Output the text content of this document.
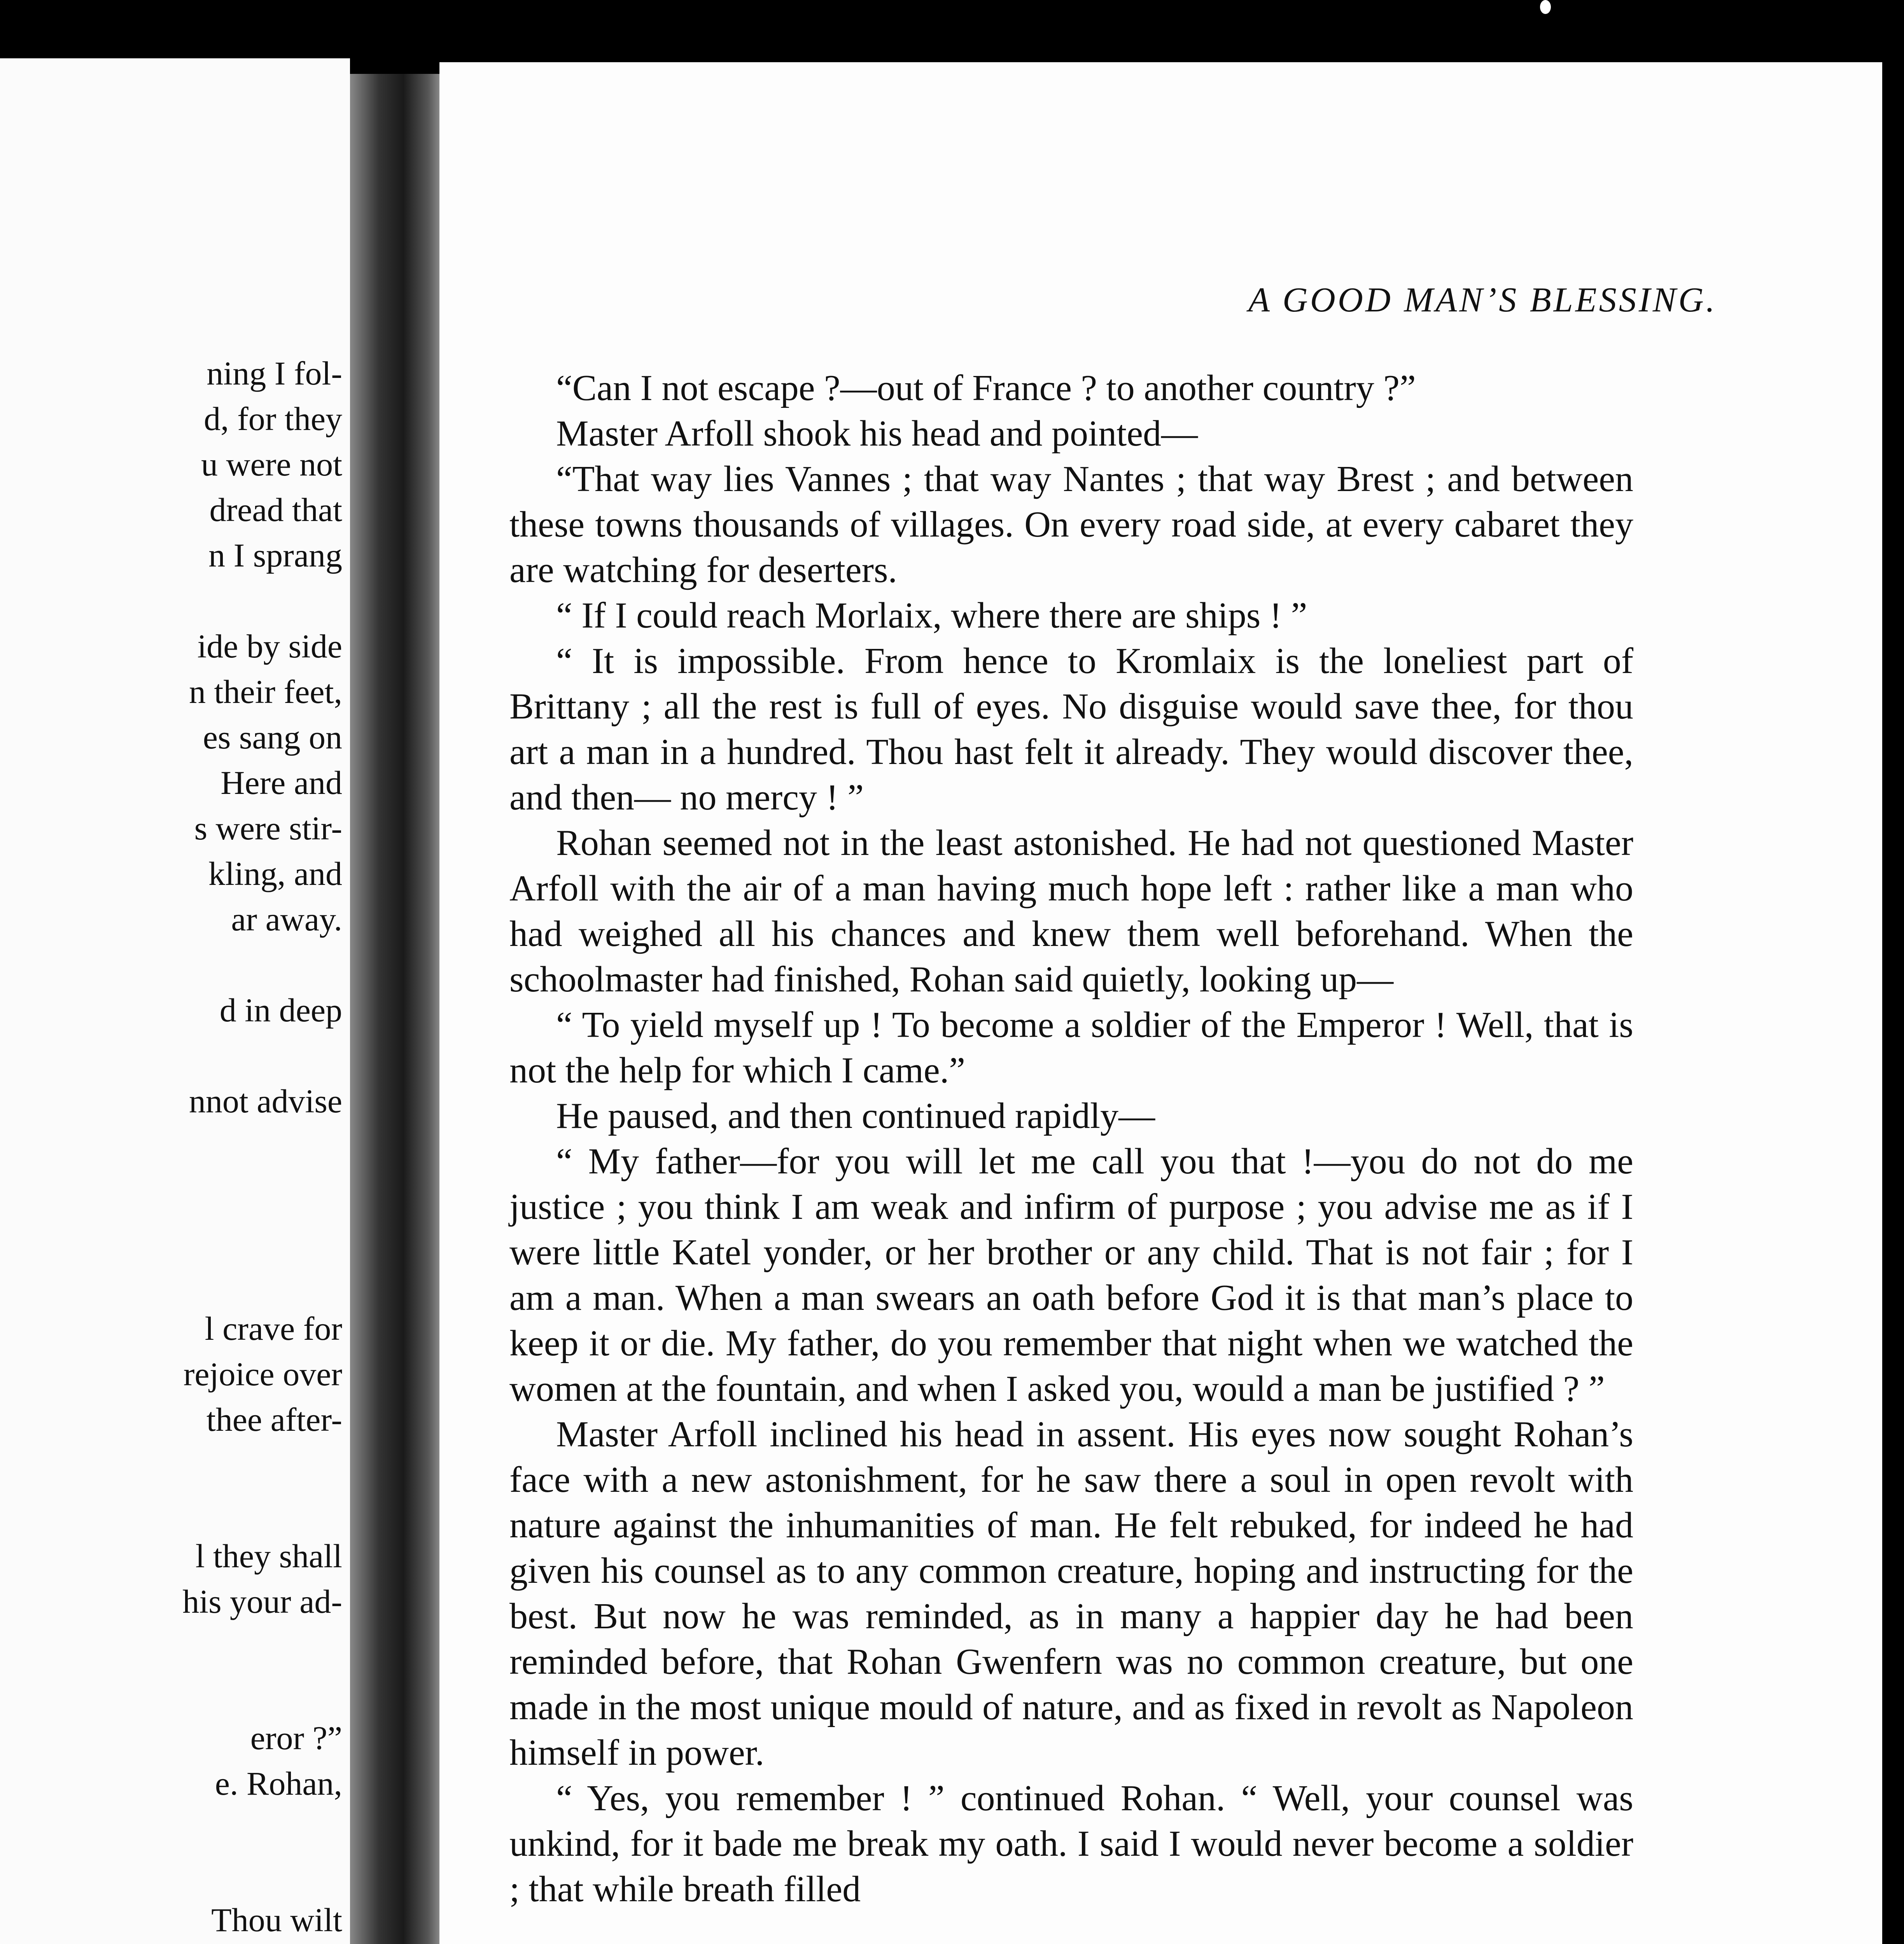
ning I fol-
d, for they
u were not
dread that
n I sprang
ide by side
n their feet,
es sang on
Here and
s were stir-
kling, and
ar away.
d in deep
nnot advise
l crave for
rejoice over
thee after-
l they shall
his your ad-
eror ?”
e. Rohan,
Thou wilt
A GOOD MAN’S BLESSING.

“Can I not escape ?—out of France ? to another country ?”

Master Arfoll shook his head and pointed—

“That way lies Vannes ; that way Nantes ; that way Brest ; and between these towns thousands of villages. On every road side, at every cabaret they are watching for deserters.

“ If I could reach Morlaix, where there are ships ! ”

“ It is impossible. From hence to Kromlaix is the loneliest part of Brittany ; all the rest is full of eyes. No disguise would save thee, for thou art a man in a hundred. Thou hast felt it already. They would discover thee, and then— no mercy ! ”

Rohan seemed not in the least astonished. He had not questioned Master Arfoll with the air of a man having much hope left : rather like a man who had weighed all his chances and knew them well beforehand. When the schoolmaster had finished, Rohan said quietly, looking up—

“ To yield myself up ! To become a soldier of the Emperor ! Well, that is not the help for which I came.”

He paused, and then continued rapidly—

“ My father—for you will let me call you that !—you do not do me justice ; you think I am weak and infirm of purpose ; you advise me as if I were little Katel yonder, or her brother or any child. That is not fair ; for I am a man. When a man swears an oath before God it is that man’s place to keep it or die. My father, do you remember that night when we watched the women at the fountain, and when I asked you, would a man be justified ? ”

Master Arfoll inclined his head in assent. His eyes now sought Rohan’s face with a new astonishment, for he saw there a soul in open revolt with nature against the inhumanities of man. He felt rebuked, for indeed he had given his counsel as to any common creature, hoping and instructing for the best. But now he was reminded, as in many a happier day he had been reminded before, that Rohan Gwenfern was no common creature, but one made in the most unique mould of nature, and as fixed in revolt as Napoleon himself in power.

“ Yes, you remember ! ” continued Rohan. “ Well, your counsel was unkind, for it bade me break my oath. I said I would never become a soldier ; that while breath filled
